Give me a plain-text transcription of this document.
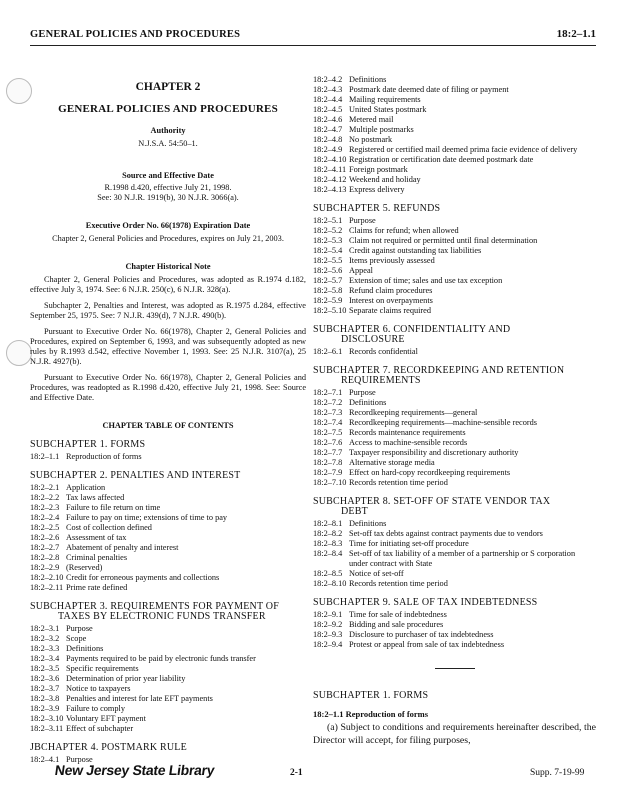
GENERAL POLICIES AND PROCEDURES	18:2–1.1
CHAPTER 2
GENERAL POLICIES AND PROCEDURES
Authority
N.J.S.A. 54:50–1.
Source and Effective Date
R.1998 d.420, effective July 21, 1998.
See: 30 N.J.R. 1919(b), 30 N.J.R. 3066(a).
Executive Order No. 66(1978) Expiration Date
Chapter 2, General Policies and Procedures, expires on July 21, 2003.
Chapter Historical Note
Chapter 2, General Policies and Procedures, was adopted as R.1974 d.182, effective July 3, 1974. See: 6 N.J.R. 250(c), 6 N.J.R. 328(a).
Subchapter 2, Penalties and Interest, was adopted as R.1975 d.284, effective September 25, 1975. See: 7 N.J.R. 439(d), 7 N.J.R. 490(b).
Pursuant to Executive Order No. 66(1978), Chapter 2, General Policies and Procedures, expired on September 6, 1993, and was subsequently adopted as new rules by R.1993 d.542, effective November 1, 1993. See: 25 N.J.R. 3107(a), 25 N.J.R. 4927(b).
Pursuant to Executive Order No. 66(1978), Chapter 2, General Policies and Procedures, was readopted as R.1998 d.420, effective July 21, 1998. See: Source and Effective Date.
CHAPTER TABLE OF CONTENTS
SUBCHAPTER 1. FORMS
18:2–1.1 Reproduction of forms
SUBCHAPTER 2. PENALTIES AND INTEREST
18:2–2.1 Application
18:2–2.2 Tax laws affected
18:2–2.3 Failure to file return on time
18:2–2.4 Failure to pay on time; extensions of time to pay
18:2–2.5 Cost of collection defined
18:2–2.6 Assessment of tax
18:2–2.7 Abatement of penalty and interest
18:2–2.8 Criminal penalties
18:2–2.9 (Reserved)
18:2–2.10 Credit for erroneous payments and collections
18:2–2.11 Prime rate defined
SUBCHAPTER 3. REQUIREMENTS FOR PAYMENT OF
TAXES BY ELECTRONIC FUNDS TRANSFER
18:2–3.1 Purpose
18:2–3.2 Scope
18:2–3.3 Definitions
18:2–3.4 Payments required to be paid by electronic funds transfer
18:2–3.5 Specific requirements
18:2–3.6 Determination of prior year liability
18:2–3.7 Notice to taxpayers
18:2–3.8 Penalties and interest for late EFT payments
18:2–3.9 Failure to comply
18:2–3.10 Voluntary EFT payment
18:2–3.11 Effect of subchapter
JBCHAPTER 4. POSTMARK RULE
18:2–4.1 Purpose
18:2–4.2 Definitions
18:2–4.3 Postmark date deemed date of filing or payment
18:2–4.4 Mailing requirements
18:2–4.5 United States postmark
18:2–4.6 Metered mail
18:2–4.7 Multiple postmarks
18:2–4.8 No postmark
18:2–4.9 Registered or certified mail deemed prima facie evidence of delivery
18:2–4.10 Registration or certification date deemed postmark date
18:2–4.11 Foreign postmark
18:2–4.12 Weekend and holiday
18:2–4.13 Express delivery
SUBCHAPTER 5. REFUNDS
18:2–5.1 Purpose
18:2–5.2 Claims for refund; when allowed
18:2–5.3 Claim not required or permitted until final determination
18:2–5.4 Credit against outstanding tax liabilities
18:2–5.5 Items previously assessed
18:2–5.6 Appeal
18:2–5.7 Extension of time; sales and use tax exception
18:2–5.8 Refund claim procedures
18:2–5.9 Interest on overpayments
18:2–5.10 Separate claims required
SUBCHAPTER 6. CONFIDENTIALITY AND
DISCLOSURE
18:2–6.1 Records confidential
SUBCHAPTER 7. RECORDKEEPING AND RETENTION
REQUIREMENTS
18:2–7.1 Purpose
18:2–7.2 Definitions
18:2–7.3 Recordkeeping requirements—general
18:2–7.4 Recordkeeping requirements—machine-sensible records
18:2–7.5 Records maintenance requirements
18:2–7.6 Access to machine-sensible records
18:2–7.7 Taxpayer responsibility and discretionary authority
18:2–7.8 Alternative storage media
18:2–7.9 Effect on hard-copy recordkeeping requirements
18:2–7.10 Records retention time period
SUBCHAPTER 8. SET-OFF OF STATE VENDOR TAX
DEBT
18:2–8.1 Definitions
18:2–8.2 Set-off tax debts against contract payments due to vendors
18:2–8.3 Time for initiating set-off procedure
18:2–8.4 Set-off of tax liability of a member of a partnership or S corporation under contract with State
18:2–8.5 Notice of set-off
18:2–8.10 Records retention time period
SUBCHAPTER 9. SALE OF TAX INDEBTEDNESS
18:2–9.1 Time for sale of indebtedness
18:2–9.2 Bidding and sale procedures
18:2–9.3 Disclosure to purchaser of tax indebtedness
18:2–9.4 Protest or appeal from sale of tax indebtedness
SUBCHAPTER 1. FORMS
18:2–1.1 Reproduction of forms
(a) Subject to conditions and requirements hereinafter described, the Director will accept, for filing purposes,
New Jersey State Library	2-1	Supp. 7-19-99
